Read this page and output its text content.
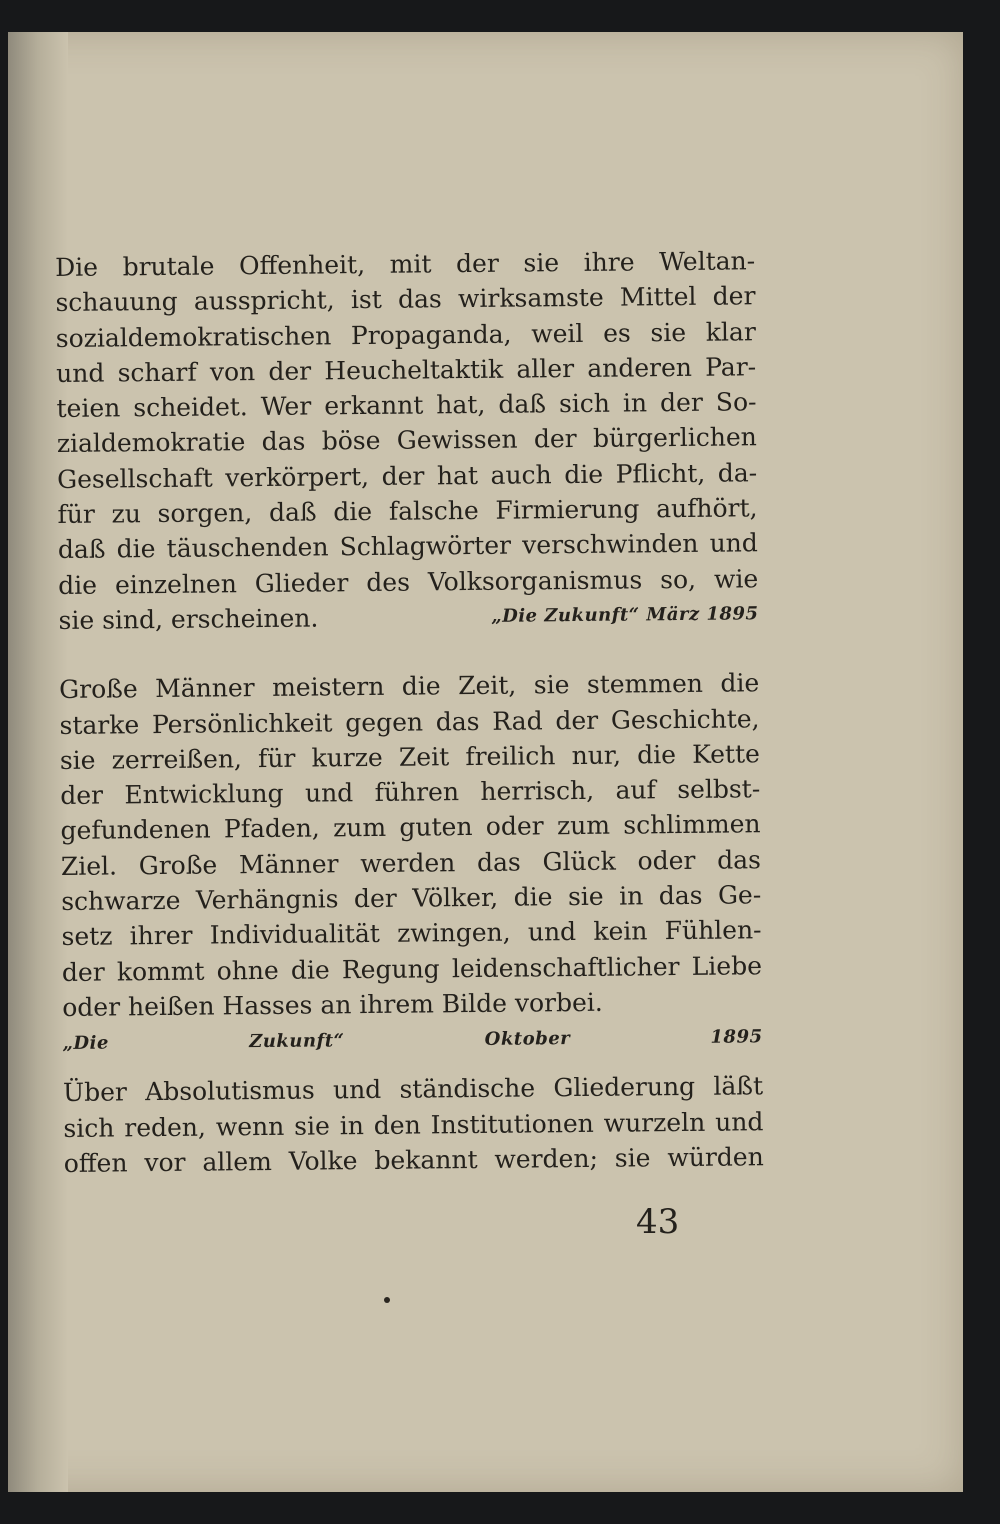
Die brutale Offenheit, mit der sie ihre Weltan-
schauung ausspricht, ist das wirksamste Mittel der
sozialdemokratischen Propaganda, weil es sie klar
und scharf von der Heucheltaktik aller anderen Par-
teien scheidet. Wer erkannt hat, daß sich in der So-
zialdemokratie das böse Gewissen der bürgerlichen
Gesellschaft verkörpert, der hat auch die Pflicht, da-
für zu sorgen, daß die falsche Firmierung aufhört,
daß die täuschenden Schlagwörter verschwinden und
die einzelnen Glieder des Volksorganismus so, wie
sie sind, erscheinen.	„Die Zukunft“ März 1895
Große Männer meistern die Zeit, sie stemmen die
starke Persönlichkeit gegen das Rad der Geschichte,
sie zerreißen, für kurze Zeit freilich nur, die Kette
der Entwicklung und führen herrisch, auf selbst-
gefundenen Pfaden, zum guten oder zum schlimmen
Ziel. Große Männer werden das Glück oder das
schwarze Verhängnis der Völker, die sie in das Ge-
setz ihrer Individualität zwingen, und kein Fühlen-
der kommt ohne die Regung leidenschaftlicher Liebe
oder heißen Hasses an ihrem Bilde vorbei.
„Die Zukunft“ Oktober 1895
Über Absolutismus und ständische Gliederung läßt
sich reden, wenn sie in den Institutionen wurzeln und
offen vor allem Volke bekannt werden; sie würden
43
